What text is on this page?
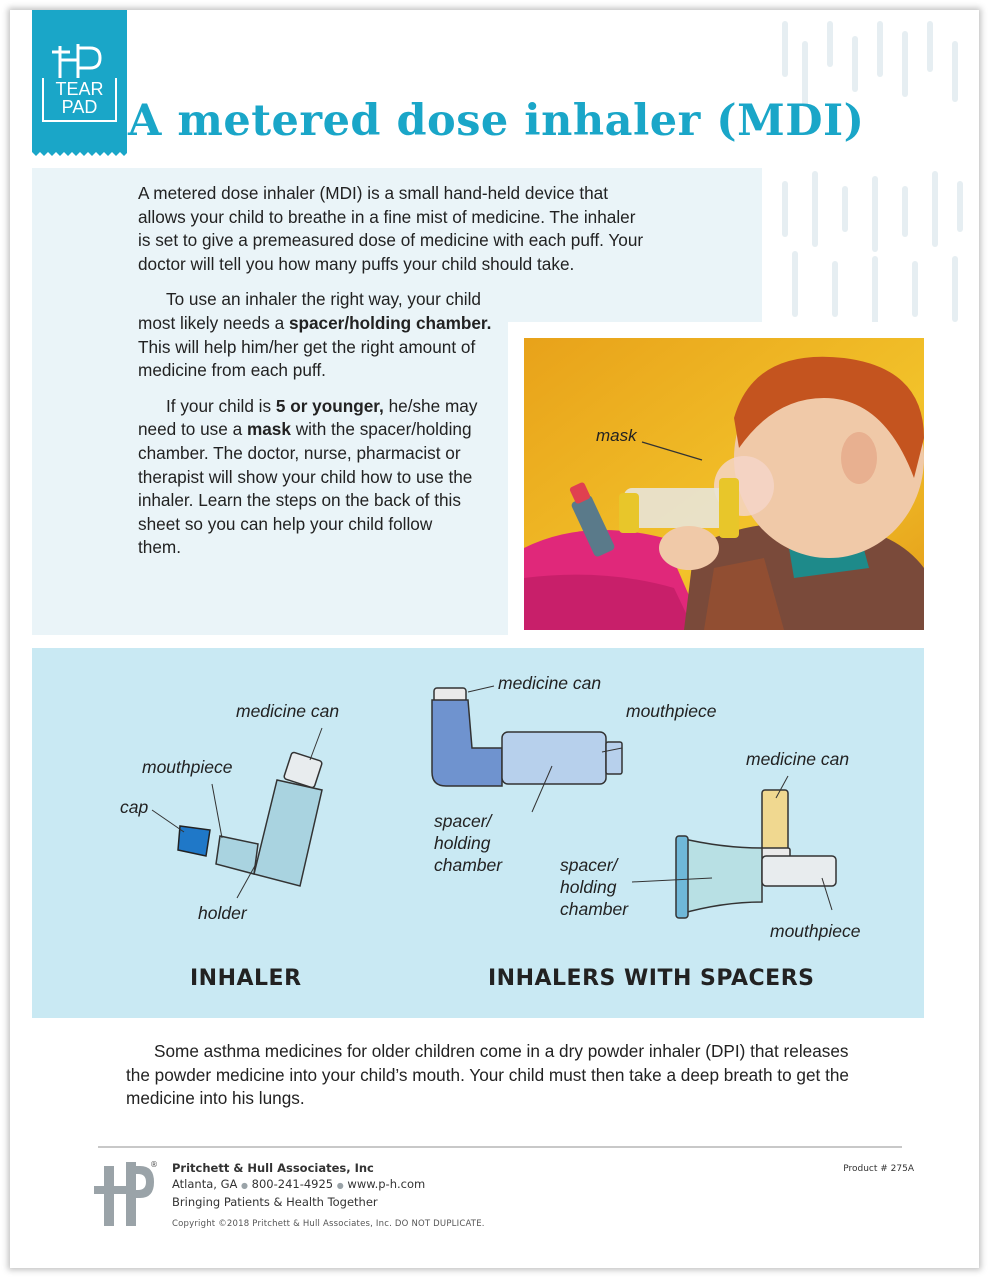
TEAR
PAD A metered dose inhaler (MDI)

A metered dose inhaler (MDI) is a small hand-held device that allows your child to breathe in a fine mist of medicine. The inhaler is set to give a premeasured dose of medicine with each puff. Your doctor will tell you how many puffs your child should take.

To use an inhaler the right way, your child most likely needs a spacer/holding chamber. This will help him/her get the right amount of medicine from each puff.

If your child is 5 or younger, he/she may need to use a mask with the spacer/holding chamber. The doctor, nurse, pharmacist or therapist will show your child how to use the inhaler. Learn the steps on the back of this sheet so you can help your child follow them.

mask
medicine can
mouthpiece
cap
holder
INHALER
medicine can
mouthpiece
spacer/
holding
chamber
medicine can
spacer/
holding
chamber
mouthpiece
INHALERS WITH SPACERS

Some asthma medicines for older children come in a dry powder inhaler (DPI) that releases the powder medicine into your child’s mouth. Your child must then take a deep breath to get the medicine into his lungs.

® Pritchett & Hull Associates, Inc
Atlanta, GA ● 800-241-4925 ● www.p-h.com
Bringing Patients & Health Together
Copyright ©2018 Pritchett & Hull Associates, Inc. DO NOT DUPLICATE.
Product # 275A
